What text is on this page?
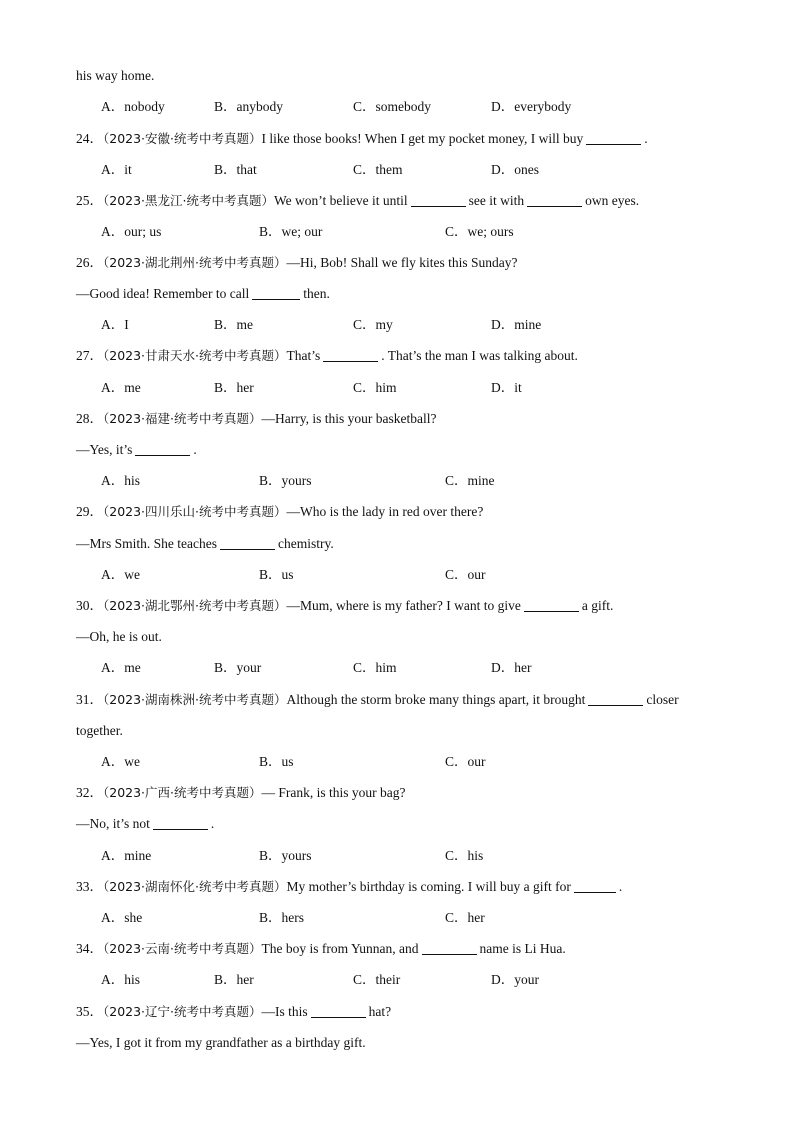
his way home.
A．nobody	B．anybody	C．somebody	D．everybody
24．（2023·安徽·统考中考真题）I like those books! When I get my pocket money, I will buy	.
A．it	B．that	C．them	D．ones
25．（2023·黑龙江·统考中考真题）We won’t believe it until	see it with	own eyes.
A．our; us	B．we; our	C．we; ours
26．（2023·湖北荆州·统考中考真题）—Hi, Bob! Shall we fly kites this Sunday?
—Good idea! Remember to call	then.
A．I	B．me	C．my	D．mine
27．（2023·甘肃天水·统考中考真题）That’s	. That’s the man I was talking about.
A．me	B．her	C．him	D．it
28．（2023·福建·统考中考真题）—Harry, is this your basketball?
—Yes, it’s	.
A．his	B．yours	C．mine
29．（2023·四川乐山·统考中考真题）—Who is the lady in red over there?
—Mrs Smith. She teaches	chemistry.
A．we	B．us	C．our
30．（2023·湖北鄂州·统考中考真题）—Mum, where is my father? I want to give	a gift.
—Oh, he is out.
A．me	B．your	C．him	D．her
31．（2023·湖南株洲·统考中考真题）Although the storm broke many things apart, it brought	closer
together.
A．we	B．us	C．our
32．（2023·广西·统考中考真题）— Frank, is this your bag?
—No, it’s not	.
A．mine	B．yours	C．his
33．（2023·湖南怀化·统考中考真题）My mother’s birthday is coming. I will buy a gift for	.
A．she	B．hers	C．her
34．（2023·云南·统考中考真题）The boy is from Yunnan, and	name is Li Hua.
A．his	B．her	C．their	D．your
35．（2023·辽宁·统考中考真题）—Is this	hat?
—Yes, I got it from my grandfather as a birthday gift.
